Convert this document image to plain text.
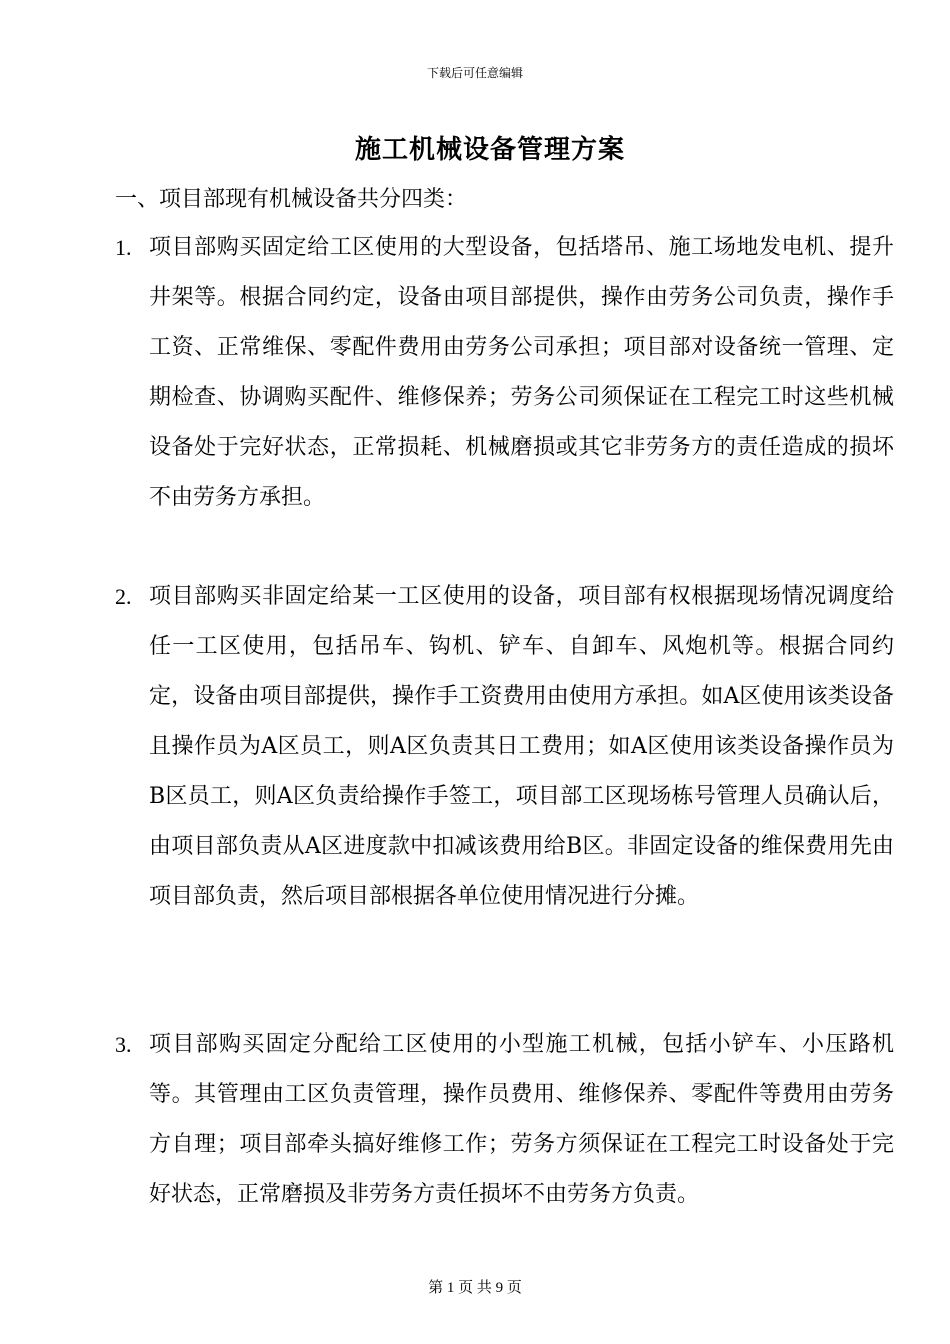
下载后可任意编辑
施工机械设备管理方案
一、项目部现有机械设备共分四类：
1. 项目部购买固定给工区使用的大型设备，包括塔吊、施工场地发电机、提升井架等。根据合同约定，设备由项目部提供，操作由劳务公司负责，操作手工资、正常维保、零配件费用由劳务公司承担；项目部对设备统一管理、定期检查、协调购买配件、维修保养；劳务公司须保证在工程完工时这些机械设备处于完好状态，正常损耗、机械磨损或其它非劳务方的责任造成的损坏不由劳务方承担。
2. 项目部购买非固定给某一工区使用的设备，项目部有权根据现场情况调度给任一工区使用，包括吊车、钩机、铲车、自卸车、风炮机等。根据合同约定，设备由项目部提供，操作手工资费用由使用方承担。如A区使用该类设备且操作员为A区员工，则A区负责其日工费用；如A区使用该类设备操作员为B区员工，则A区负责给操作手签工，项目部工区现场栋号管理人员确认后，由项目部负责从A区进度款中扣减该费用给B区。非固定设备的维保费用先由项目部负责，然后项目部根据各单位使用情况进行分摊。
3. 项目部购买固定分配给工区使用的小型施工机械，包括小铲车、小压路机等。其管理由工区负责管理，操作员费用、维修保养、零配件等费用由劳务方自理；项目部牵头搞好维修工作；劳务方须保证在工程完工时设备处于完好状态，正常磨损及非劳务方责任损坏不由劳务方负责。
第 1 页 共 9 页
